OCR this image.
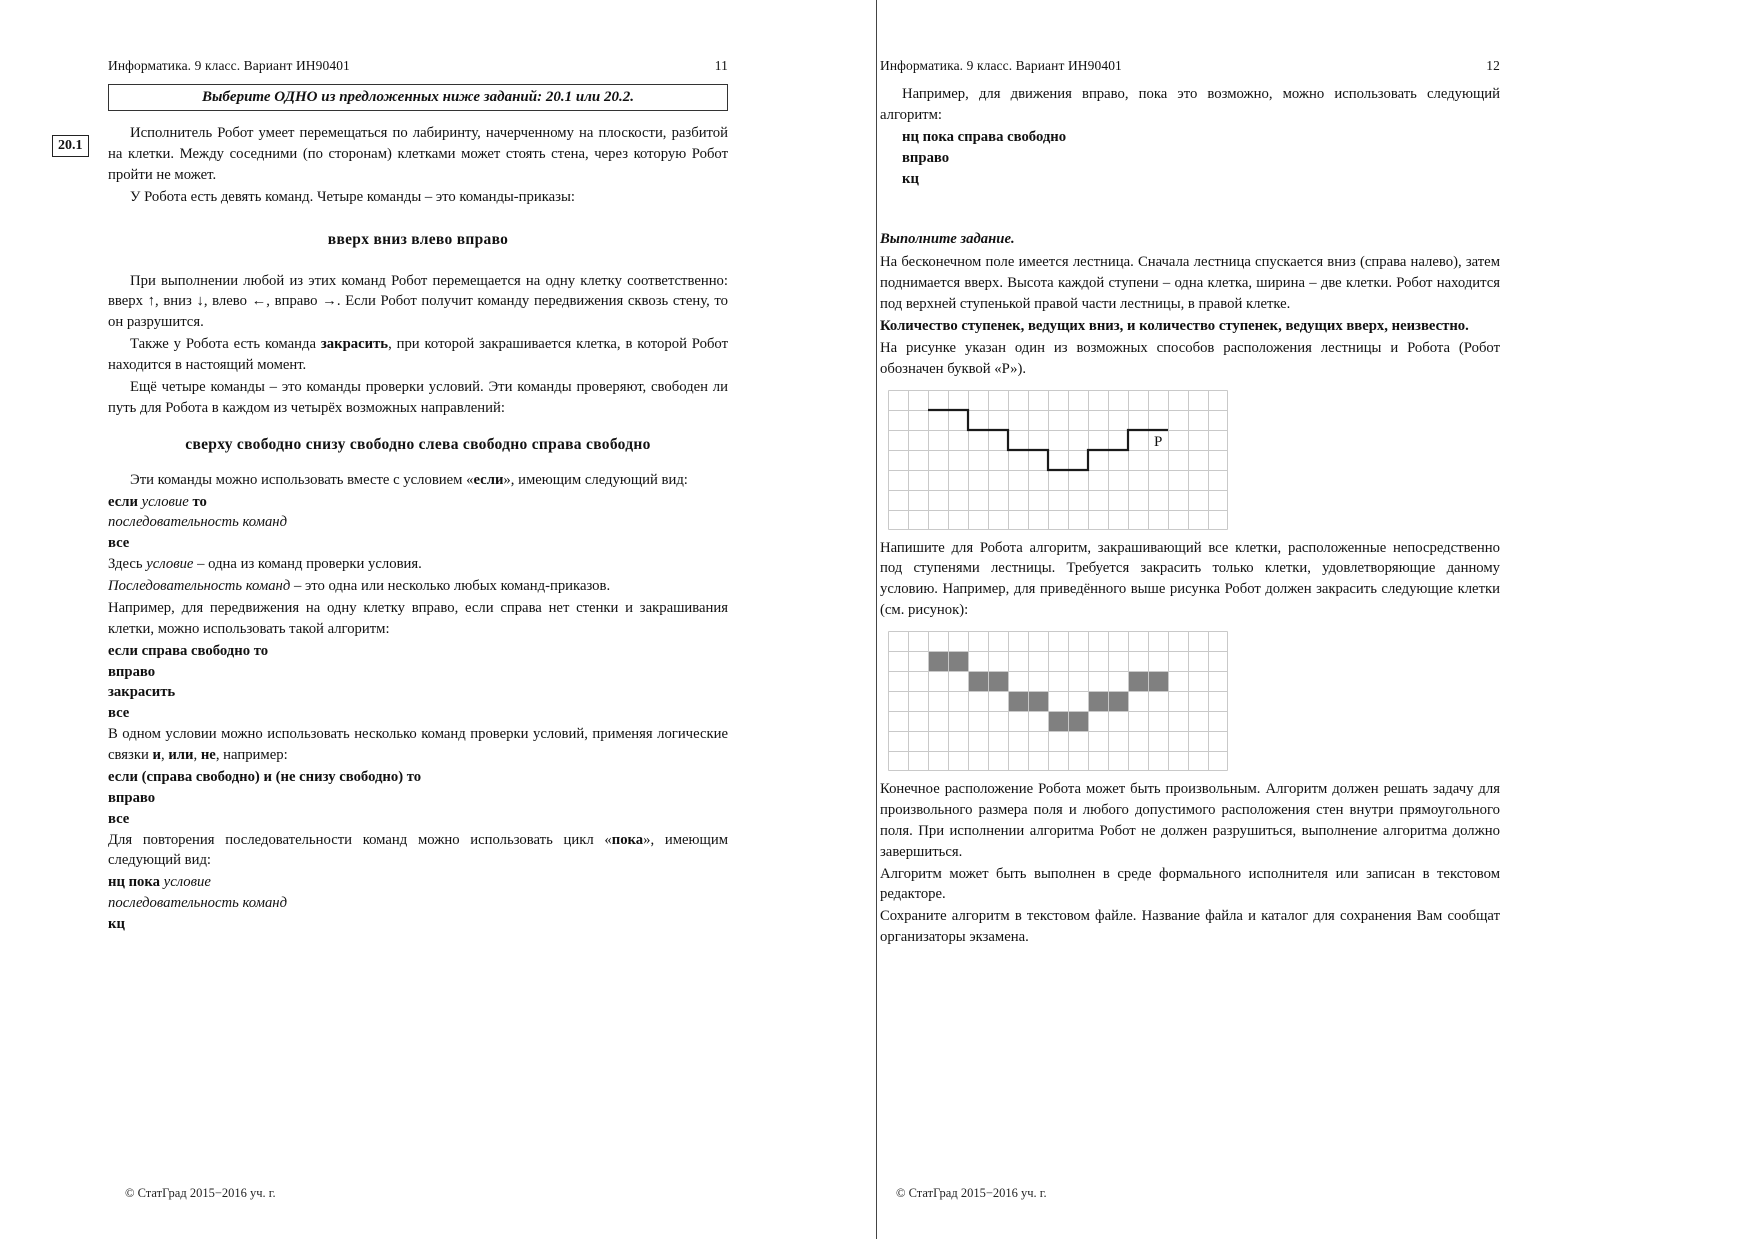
20.1
Информатика. 9 класс. Вариант ИН90401	11
Выберите ОДНО из предложенных ниже заданий: 20.1 или 20.2.

Исполнитель Робот умеет перемещаться по лабиринту, начерченному на плоскости, разбитой на клетки. Между соседними (по сторонам) клетками может стоять стена, через которую Робот пройти не может.

У Робота есть девять команд. Четыре команды – это команды-приказы:

вверх вниз влево вправо

При выполнении любой из этих команд Робот перемещается на одну клетку соответственно: вверх ↑, вниз ↓, влево ←, вправо →. Если Робот получит команду передвижения сквозь стену, то он разрушится.

Также у Робота есть команда закрасить, при которой закрашивается клетка, в которой Робот находится в настоящий момент.

Ещё четыре команды – это команды проверки условий. Эти команды проверяют, свободен ли путь для Робота в каждом из четырёх возможных направлений:

сверху свободно снизу свободно слева свободно справа свободно

Эти команды можно использовать вместе с условием «если», имеющим следующий вид:

если условие то

последовательность команд

все

Здесь условие – одна из команд проверки условия.

Последовательность команд – это одна или несколько любых команд-приказов.

Например, для передвижения на одну клетку вправо, если справа нет стенки и закрашивания клетки, можно использовать такой алгоритм:

если справа свободно то

вправо

закрасить

все

В одном условии можно использовать несколько команд проверки условий, применяя логические связки и, или, не, например:

если (справа свободно) и (не снизу свободно) то

вправо

все

Для повторения последовательности команд можно использовать цикл «пока», имеющим следующий вид:

нц пока условие

последовательность команд

кц

© СтатГрад 2015−2016 уч. г.
Информатика. 9 класс. Вариант ИН90401	12

Например, для движения вправо, пока это возможно, можно использовать следующий алгоритм:

нц пока справа свободно

вправо

кц

Выполните задание.

На бесконечном поле имеется лестница. Сначала лестница спускается вниз (справа налево), затем поднимается вверх. Высота каждой ступени – одна клетка, ширина – две клетки. Робот находится под верхней ступенькой правой части лестницы, в правой клетке.

Количество ступенек, ведущих вниз, и количество ступенек, ведущих вверх, неизвестно.

На рисунке указан один из возможных способов расположения лестницы и Робота (Робот обозначен буквой «Р»).

Р

Напишите для Робота алгоритм, закрашивающий все клетки, расположенные непосредственно под ступенями лестницы. Требуется закрасить только клетки, удовлетворяющие данному условию. Например, для приведённого выше рисунка Робот должен закрасить следующие клетки (см. рисунок):

Конечное расположение Робота может быть произвольным. Алгоритм должен решать задачу для произвольного размера поля и любого допустимого расположения стен внутри прямоугольного поля. При исполнении алгоритма Робот не должен разрушиться, выполнение алгоритма должно завершиться.

Алгоритм может быть выполнен в среде формального исполнителя или записан в текстовом редакторе.

Сохраните алгоритм в текстовом файле. Название файла и каталог для сохранения Вам сообщат организаторы экзамена.

© СтатГрад 2015−2016 уч. г.
